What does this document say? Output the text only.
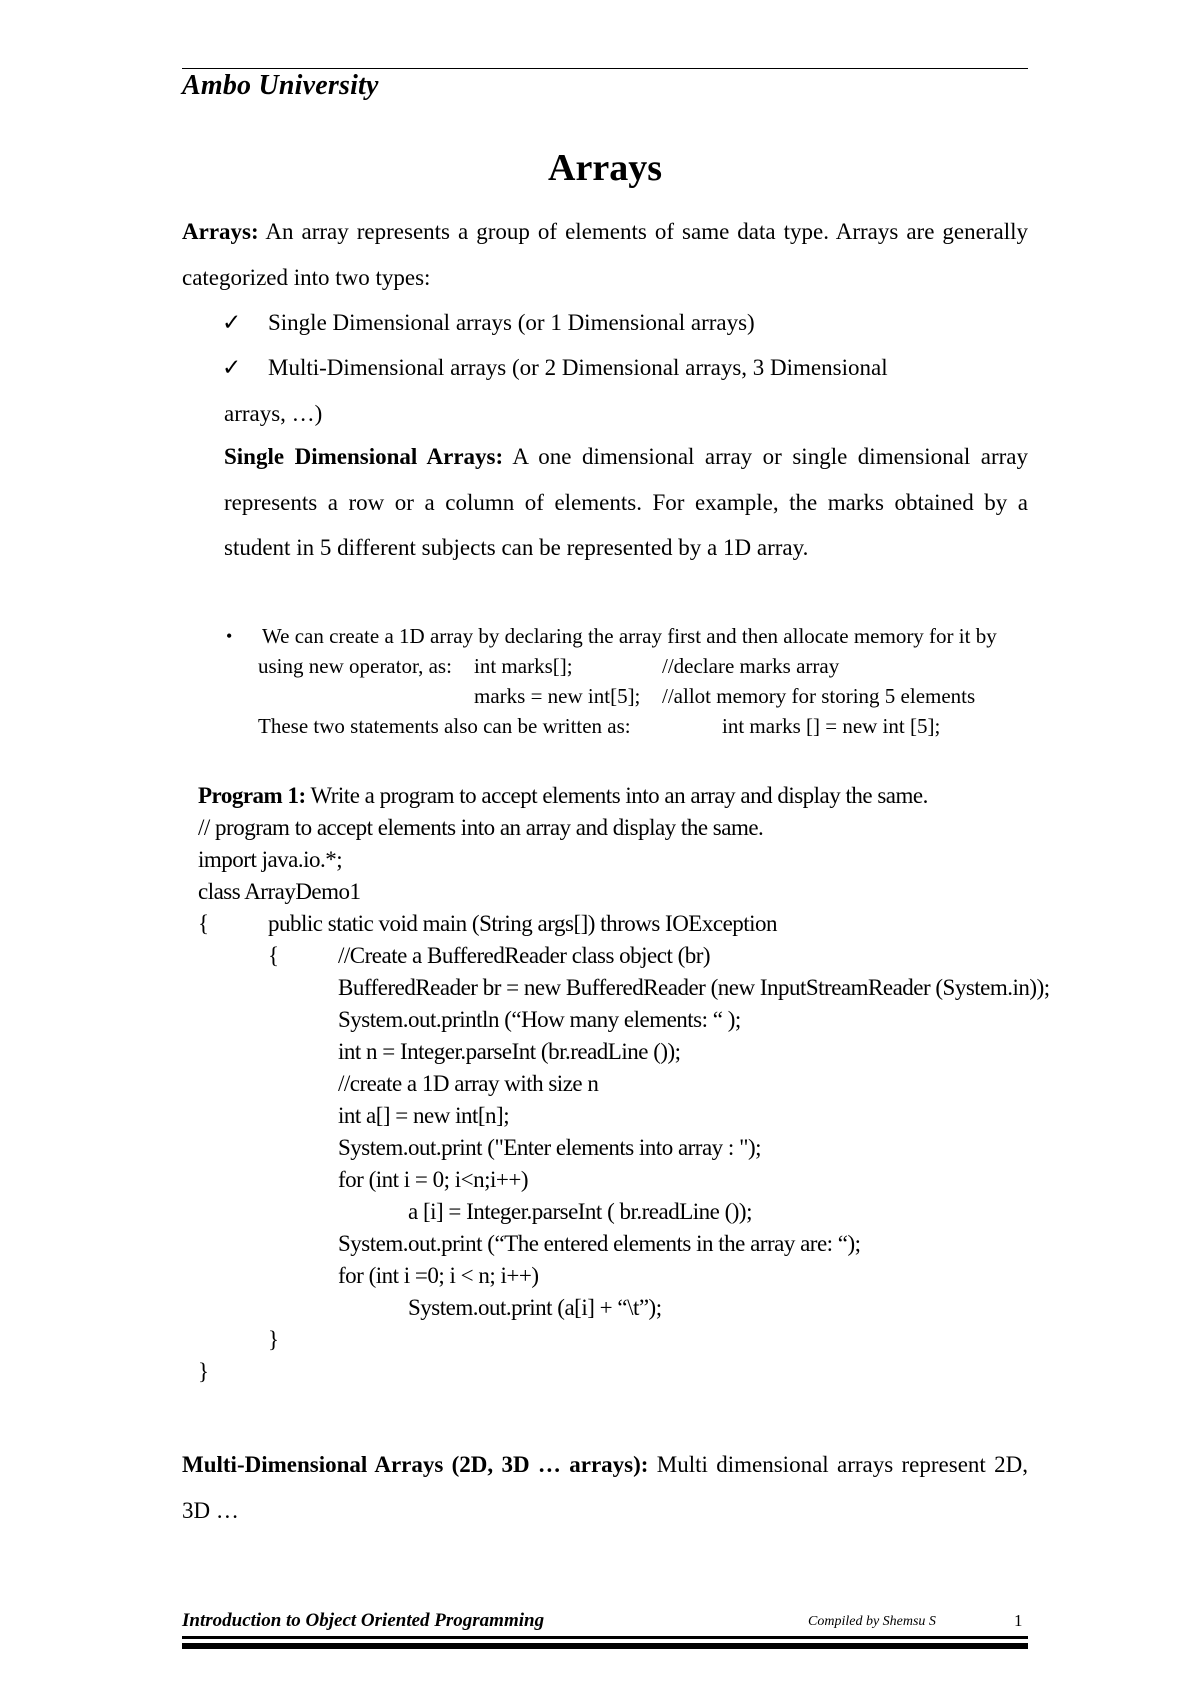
Ambo University
Arrays
Arrays: An array represents a group of elements of same data type. Arrays are generally categorized into two types:
✓ Single Dimensional arrays (or 1 Dimensional arrays)
✓ Multi-Dimensional arrays (or 2 Dimensional arrays, 3 Dimensional
arrays, …)
Single Dimensional Arrays: A one dimensional array or single dimensional array represents a row or a column of elements. For example, the marks obtained by a student in 5 different subjects can be represented by a 1D array.
• We can create a 1D array by declaring the array first and then allocate memory for it by
using new operator, as: int marks[];	//declare marks array
marks = new int[5]; //allot memory for storing 5 elements
These two statements also can be written as:	int marks [] = new int [5];
Program 1: Write a program to accept elements into an array and display the same.
// program to accept elements into an array and display the same.
import java.io.*;
class ArrayDemo1
{	public static void main (String args[]) throws IOException
{	//Create a BufferedReader class object (br)
BufferedReader br = new BufferedReader (new InputStreamReader (System.in));
System.out.println (“How many elements: “ );
int n = Integer.parseInt (br.readLine ());
//create a 1D array with size n
int a[] = new int[n];
System.out.print ("Enter elements into array : ");
for (int i = 0; i<n;i++)
a [i] = Integer.parseInt ( br.readLine ());
System.out.print (“The entered elements in the array are: “);
for (int i =0; i < n; i++)
System.out.print (a[i] + “\t”);
}
}
Multi-Dimensional Arrays (2D, 3D … arrays): Multi dimensional arrays represent 2D, 3D …
Introduction to Object Oriented Programming	Compiled by Shemsu S	1
